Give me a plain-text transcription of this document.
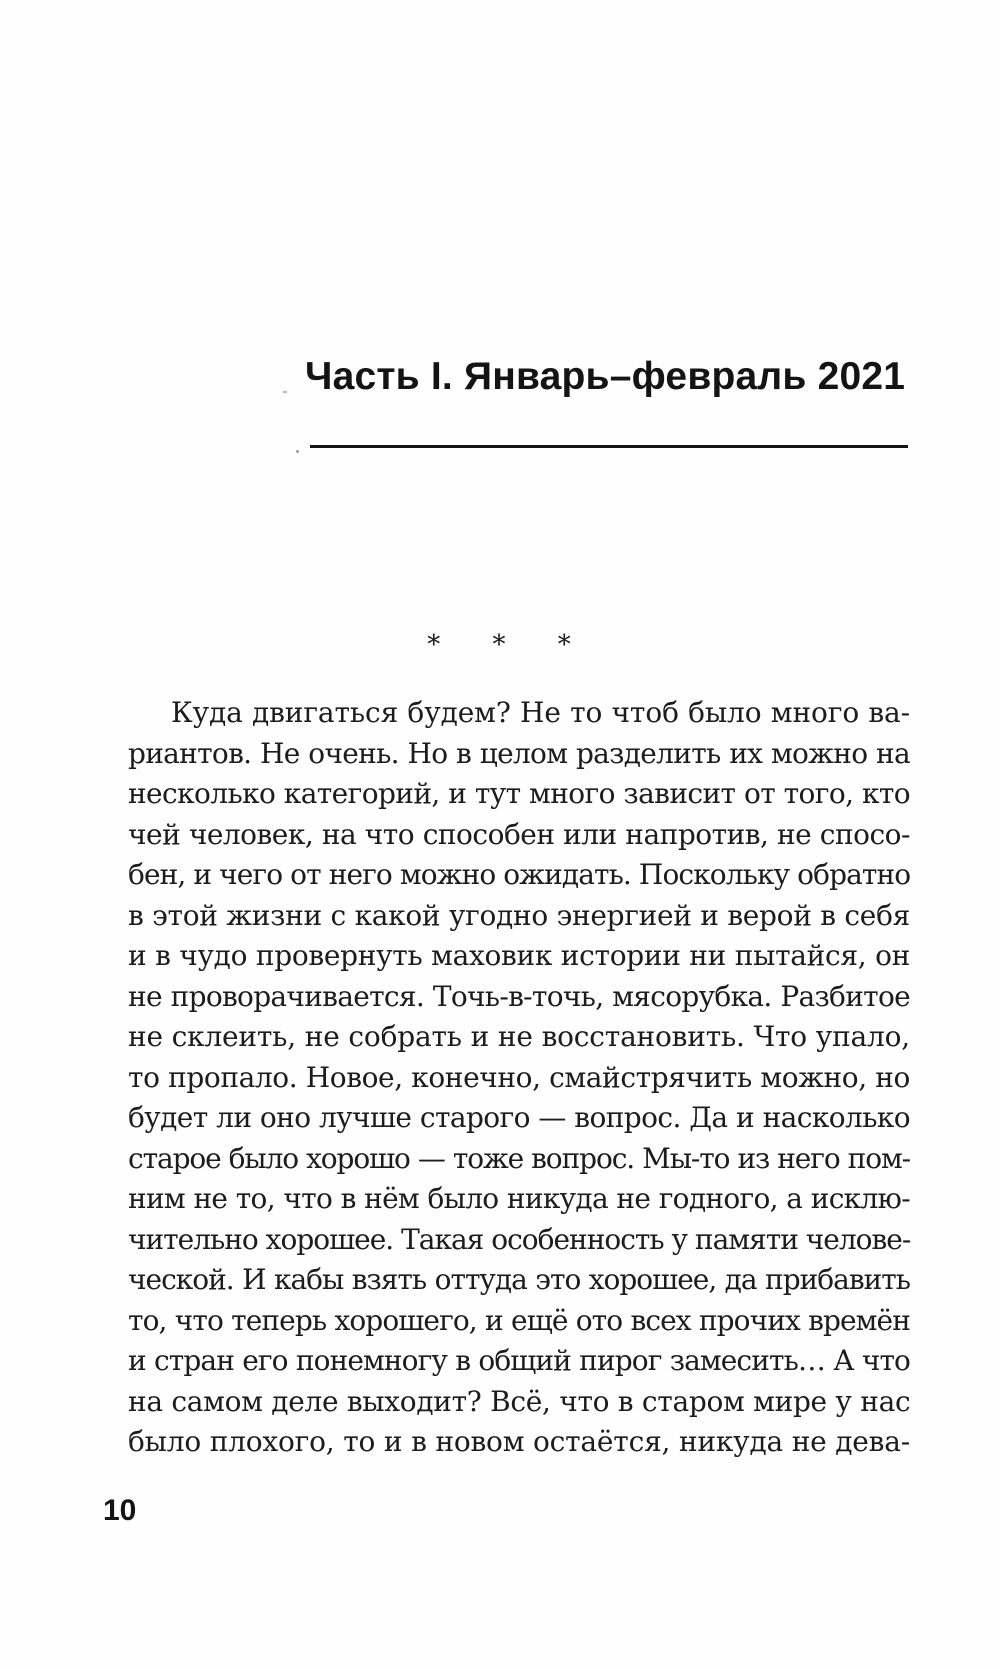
Часть I. Январь–февраль 2021
* * *
Куда двигаться будем? Не то чтоб было много ва-
риантов. Не очень. Но в целом разделить их можно на
несколько категорий, и тут много зависит от того, кто
чей человек, на что способен или напротив, не спосо-
бен, и чего от него можно ожидать. Поскольку обратно
в этой жизни с какой угодно энергией и верой в себя
и в чудо провернуть маховик истории ни пытайся, он
не проворачивается. Точь-в-точь, мясорубка. Разбитое
не склеить, не собрать и не восстановить. Что упало,
то пропало. Новое, конечно, смайстрячить можно, но
будет ли оно лучше старого — вопрос. Да и насколько
старое было хорошо — тоже вопрос. Мы-то из него пом-
ним не то, что в нём было никуда не годного, а исклю-
чительно хорошее. Такая особенность у памяти челове-
ческой. И кабы взять оттуда это хорошее, да прибавить
то, что теперь хорошего, и ещё ото всех прочих времён
и стран его понемногу в общий пирог замесить… А что
на самом деле выходит? Всё, что в старом мире у нас
было плохого, то и в новом остаётся, никуда не дева-
10
